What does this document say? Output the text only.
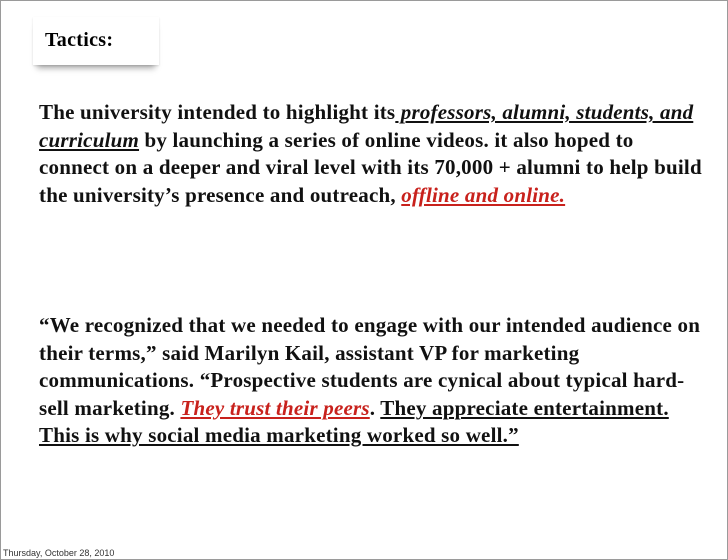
Tactics:
The university intended to highlight its professors, alumni, students, and curriculum by launching a series of online videos. it also hoped to connect on a deeper and viral level with its 70,000 + alumni to help build the university’s presence and outreach, offline and online.
“We recognized that we needed to engage with our intended audience on their terms,” said Marilyn Kail, assistant VP for marketing communications. “Prospective students are cynical about typical hard-sell marketing. They trust their peers. They appreciate entertainment. This is why social media marketing worked so well.”
Thursday, October 28, 2010
